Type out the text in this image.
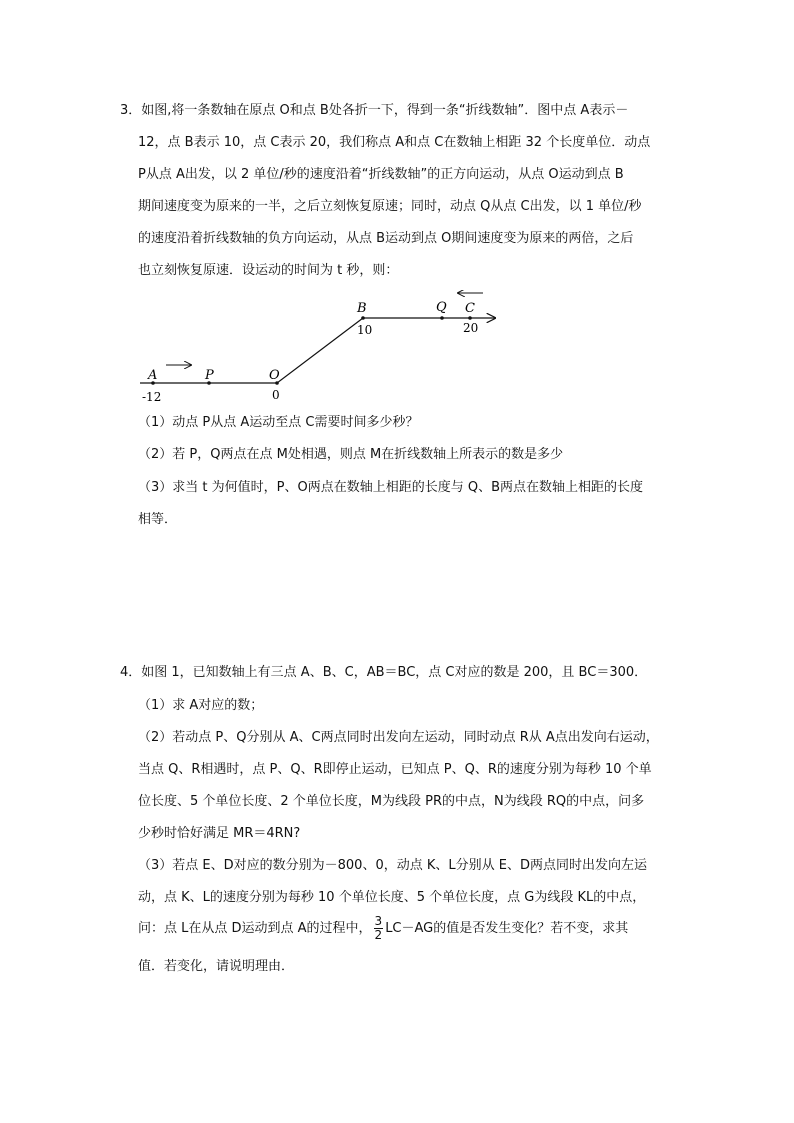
3．如图,将一条数轴在原点 O和点 B处各折一下，得到一条“折线数轴”．图中点 A表示－
12，点 B表示 10，点 C表示 20，我们称点 A和点 C在数轴上相距 32 个长度单位．动点
P从点 A出发，以 2 单位/秒的速度沿着“折线数轴”的正方向运动，从点 O运动到点 B
期间速度变为原来的一半，之后立刻恢复原速；同时，动点 Q从点 C出发，以 1 单位/秒
的速度沿着折线数轴的负方向运动，从点 B运动到点 O期间速度变为原来的两倍，之后
也立刻恢复原速．设运动的时间为 t 秒，则：
A	P	O
B	Q C
-12	0
10	20
（1）动点 P从点 A运动至点 C需要时间多少秒？
（2）若 P，Q两点在点 M处相遇，则点 M在折线数轴上所表示的数是多少
（3）求当 t 为何值时，P、O两点在数轴上相距的长度与 Q、B两点在数轴上相距的长度
相等．
4．如图 1，已知数轴上有三点 A、B、C，AB＝BC，点 C对应的数是 200，且 BC＝300．
（1）求 A对应的数；
（2）若动点 P、Q分别从 A、C两点同时出发向左运动，同时动点 R从 A点出发向右运动，
当点 Q、R相遇时，点 P、Q、R即停止运动，已知点 P、Q、R的速度分别为每秒 10 个单
位长度、5 个单位长度、2 个单位长度，M为线段 PR的中点，N为线段 RQ的中点，问多
少秒时恰好满足 MR＝4RN?
（3）若点 E、D对应的数分别为－800、0，动点 K、L分别从 E、D两点同时出发向左运
动，点 K、L的速度分别为每秒 10 个单位长度、5 个单位长度，点 G为线段 KL的中点，
问：点 L在从点 D运动到点 A的过程中， $\frac{3}{2} LC-AG$的值是否发生变化？若不变，求其
值．若变化，请说明理由．
